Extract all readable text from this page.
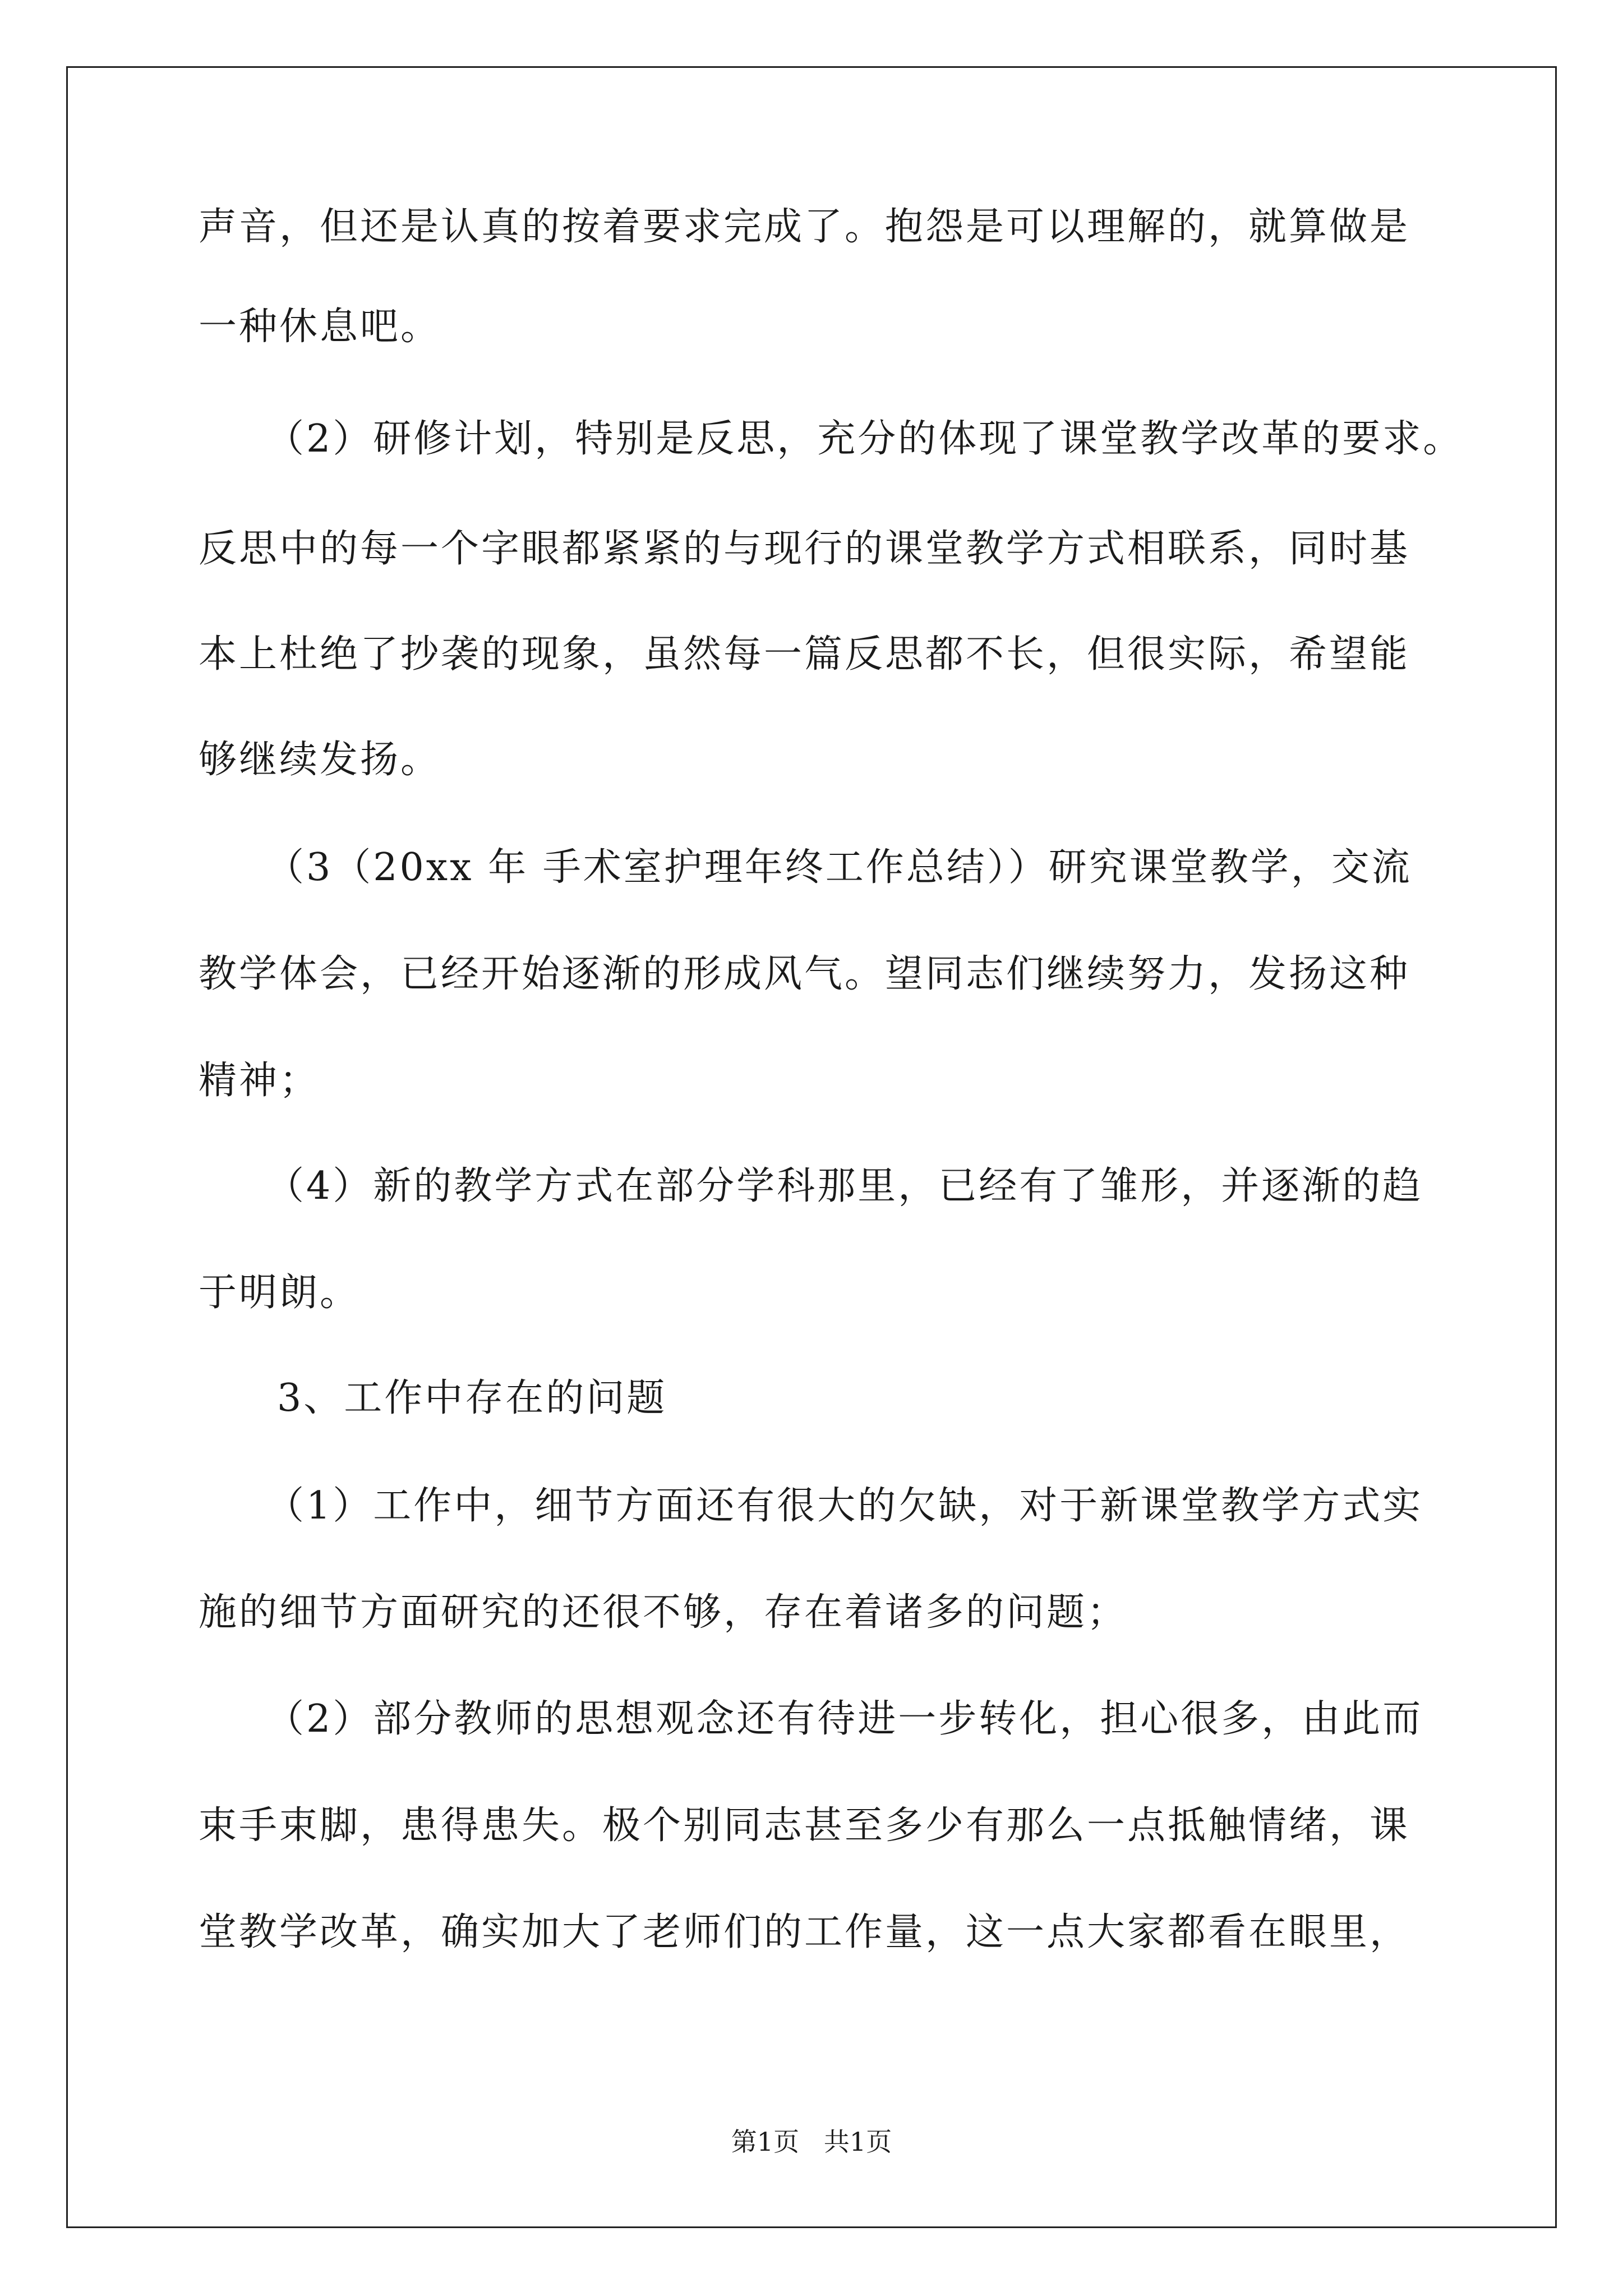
声音，但还是认真的按着要求完成了。抱怨是可以理解的，就算做是
一种休息吧。
（2）研修计划，特别是反思，充分的体现了课堂教学改革的要求。
反思中的每一个字眼都紧紧的与现行的课堂教学方式相联系，同时基
本上杜绝了抄袭的现象，虽然每一篇反思都不长，但很实际，希望能
够继续发扬。
（3（20xx 年 手术室护理年终工作总结））研究课堂教学，交流
教学体会，已经开始逐渐的形成风气。望同志们继续努力，发扬这种
精神；
（4）新的教学方式在部分学科那里，已经有了雏形，并逐渐的趋
于明朗。
3、工作中存在的问题
（1）工作中，细节方面还有很大的欠缺，对于新课堂教学方式实
施的细节方面研究的还很不够，存在着诸多的问题；
（2）部分教师的思想观念还有待进一步转化，担心很多，由此而
束手束脚，患得患失。极个别同志甚至多少有那么一点抵触情绪，课
堂教学改革，确实加大了老师们的工作量，这一点大家都看在眼里，
第1页   共1页
